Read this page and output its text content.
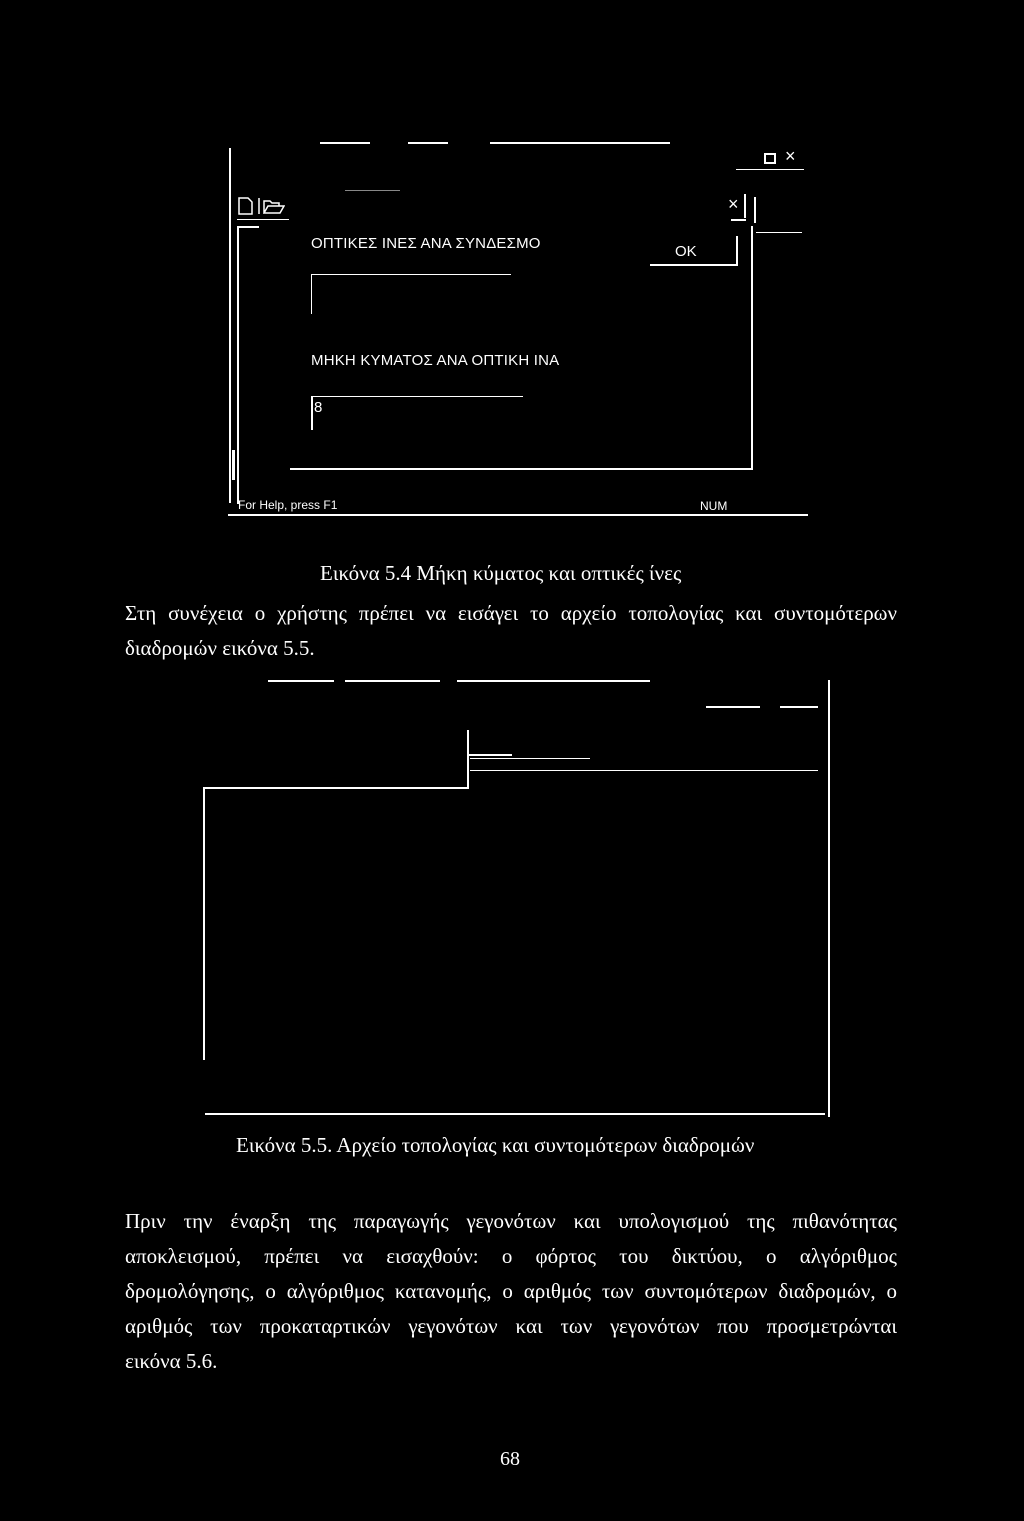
×
×
ΟΠΤΙΚΕΣ ΙΝΕΣ ΑΝΑ ΣΥΝΔΕΣΜΟ	OK
ΜΗΚΗ ΚΥΜΑΤΟΣ ΑΝΑ ΟΠΤΙΚΗ ΙΝΑ
8
For Help, press F1	NUM
Εικόνα 5.4 Μήκη κύματος και οπτικές ίνες
Στη συνέχεια ο χρήστης πρέπει να εισάγει το αρχείο τοπολογίας και συντομότερων
διαδρομών εικόνα 5.5.
Εικόνα 5.5. Αρχείο τοπολογίας και συντομότερων διαδρομών
Πριν την έναρξη της παραγωγής γεγονότων και υπολογισμού της πιθανότητας
αποκλεισμού, πρέπει να εισαχθούν: ο φόρτος του δικτύου, ο αλγόριθμος
δρομολόγησης, ο αλγόριθμος κατανομής, ο αριθμός των συντομότερων διαδρομών, ο
αριθμός των προκαταρτικών γεγονότων και των γεγονότων που προσμετρώνται
εικόνα 5.6.
68
